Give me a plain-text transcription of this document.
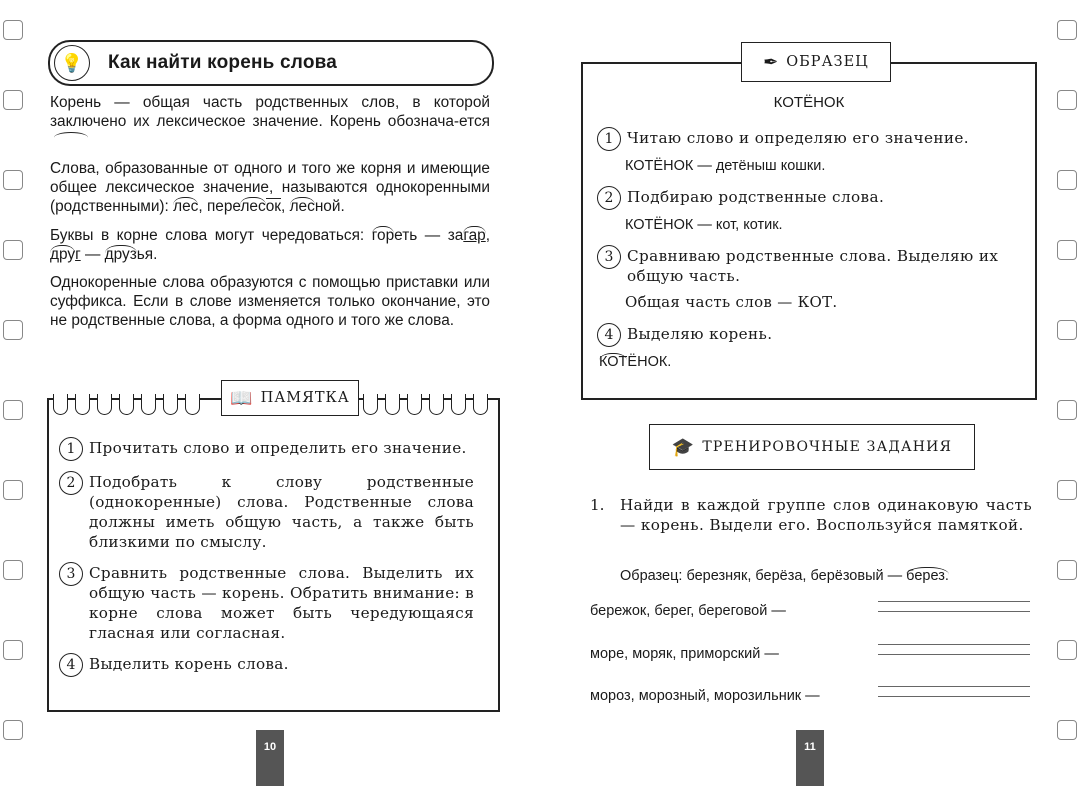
💡	Как найти корень слова

Корень — общая часть родственных слов, в которой заключено их лексическое значение. Корень обознача-ется

Слова, образованные от одного и того же корня и имеющие общее лексическое значение, называются однокоренными (родственными): лес, перелесок, лесной.

Буквы в корне слова могут чередоваться: гореть — загар, друг — друзья.

Однокоренные слова образуются с помощью приставки или суффикса. Если в слове изменяется только окончание, это не родственные слова, а форма одного и того же слова.

📖 ПАМЯТКА
1 Прочитать слово и определить его значение.
2 Подобрать к слову родственные (однокоренные) слова. Родственные слова должны иметь общую часть, а также быть близкими по смыслу.
3 Сравнить родственные слова. Выделить их общую часть — корень. Обратить внимание: в корне слова может быть чередующаяся гласная или согласная.
4 Выделить корень слова.
10
✒ ОБРАЗЕЦ
КОТЁНОК
1 Читаю слово и определяю его значение.
КОТЁНОК — детёныш кошки.
2 Подбираю родственные слова.
КОТЁНОК — кот, котик.
3 Сравниваю родственные слова. Выделяю их общую часть.
Общая часть слов — КОТ.
4 Выделяю корень.
КОТЁНОК.
🎓 ТРЕНИРОВОЧНЫЕ ЗАДАНИЯ
1.	Найди в каждой группе слов одинаковую часть — корень. Выдели его. Воспользуйся памяткой.
Образец: березняк, берёза, берёзовый — берез.
бережок, берег, береговой —
море, моряк, приморский —
мороз, морозный, морозильник —
11
